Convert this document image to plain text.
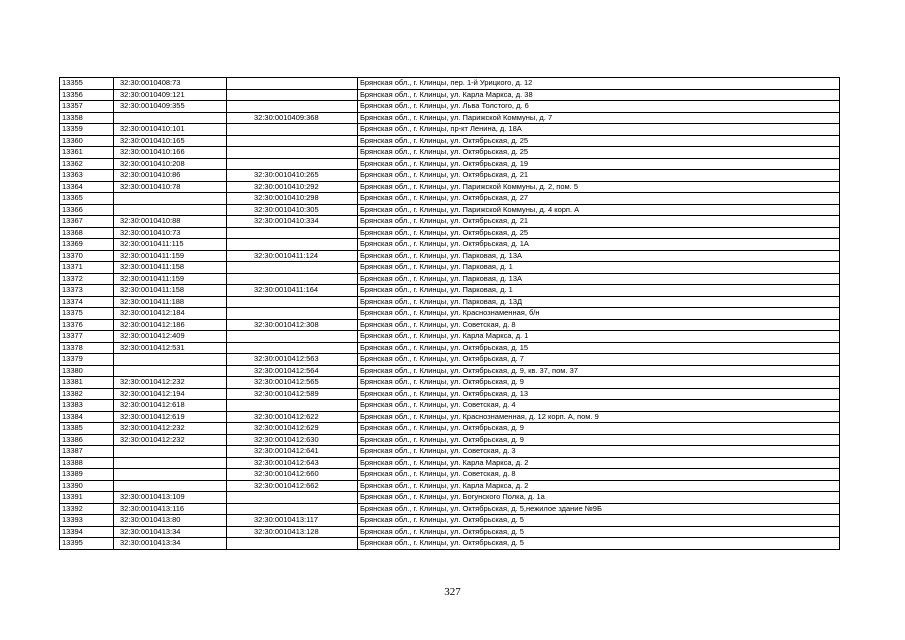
13355	32:30:0010408:73		Брянская обл., г. Клинцы, пер. 1-й Урицкого, д. 12
13356	32:30:0010409:121		Брянская обл., г. Клинцы, ул. Карла Маркса, д. 38
13357	32:30:0010409:355		Брянская обл., г. Клинцы, ул. Льва Толстого, д. 6
13358		32:30:0010409:368	Брянская обл., г. Клинцы, ул. Парижской Коммуны, д. 7
13359	32:30:0010410:101		Брянская обл., г. Клинцы, пр-кт Ленина, д. 18А
13360	32:30:0010410:165		Брянская обл., г. Клинцы, ул. Октябрьская, д. 25
13361	32:30:0010410:166		Брянская обл., г. Клинцы, ул. Октябрьская, д. 25
13362	32:30:0010410:208		Брянская обл., г. Клинцы, ул. Октябрьская, д. 19
13363	32:30:0010410:86	32:30:0010410:265	Брянская обл., г. Клинцы, ул. Октябрьская, д. 21
13364	32:30:0010410:78	32:30:0010410:292	Брянская обл., г. Клинцы, ул. Парижской Коммуны, д. 2, пом. 5
13365		32:30:0010410:298	Брянская обл., г. Клинцы, ул. Октябрьская, д. 27
13366		32:30:0010410:305	Брянская обл., г. Клинцы, ул. Парижской Коммуны, д. 4 корп. А
13367	32:30:0010410:88	32:30:0010410:334	Брянская обл., г. Клинцы, ул. Октябрьская, д. 21
13368	32:30:0010410:73		Брянская обл., г. Клинцы, ул. Октябрьская, д. 25
13369	32:30:0010411:115		Брянская обл., г. Клинцы, ул. Октябрьская, д. 1А
13370	32:30:0010411:159	32:30:0010411:124	Брянская обл., г. Клинцы, ул. Парковая, д. 13А
13371	32:30:0010411:158		Брянская обл., г. Клинцы, ул. Парковая, д. 1
13372	32:30:0010411:159		Брянская обл., г. Клинцы, ул. Парковая, д. 13А
13373	32:30:0010411:158	32:30:0010411:164	Брянская обл., г. Клинцы, ул. Парковая, д. 1
13374	32:30:0010411:188		Брянская обл., г. Клинцы, ул. Парковая, д. 13Д
13375	32:30:0010412:184		Брянская обл., г. Клинцы, ул. Краснознаменная, б/н
13376	32:30:0010412:186	32:30:0010412:308	Брянская обл., г. Клинцы, ул. Советская, д. 8
13377	32:30:0010412:409		Брянская обл., г. Клинцы, ул. Карла Маркса, д. 1
13378	32:30:0010412:531		Брянская обл., г. Клинцы, ул. Октябрьская, д. 15
13379		32:30:0010412:563	Брянская обл., г. Клинцы, ул. Октябрьская, д. 7
13380		32:30:0010412:564	Брянская обл., г. Клинцы, ул. Октябрьская, д. 9, кв. 37, пом. 37
13381	32:30:0010412:232	32:30:0010412:565	Брянская обл., г. Клинцы, ул. Октябрьская, д. 9
13382	32:30:0010412:194	32:30:0010412:589	Брянская обл., г. Клинцы, ул. Октябрьская, д. 13
13383	32:30:0010412:618		Брянская обл., г. Клинцы, ул. Советская, д. 4
13384	32:30:0010412:619	32:30:0010412:622	Брянская обл., г. Клинцы, ул. Краснознаменная, д. 12 корп. А, пом. 9
13385	32:30:0010412:232	32:30:0010412:629	Брянская обл., г. Клинцы, ул. Октябрьская, д. 9
13386	32:30:0010412:232	32:30:0010412:630	Брянская обл., г. Клинцы, ул. Октябрьская, д. 9
13387		32:30:0010412:641	Брянская обл., г. Клинцы, ул. Советская, д. 3
13388		32:30:0010412:643	Брянская обл., г. Клинцы, ул. Карла Маркса, д. 2
13389		32:30:0010412:660	Брянская обл., г. Клинцы, ул. Советская, д. 8
13390		32:30:0010412:662	Брянская обл., г. Клинцы, ул. Карла Маркса, д. 2
13391	32:30:0010413:109		Брянская обл., г. Клинцы, ул. Богунского Полка, д. 1а
13392	32:30:0010413:116		Брянская обл., г. Клинцы, ул. Октябрьская, д. 5,нежилое здание №9Б
13393	32:30:0010413:80	32:30:0010413:117	Брянская обл., г. Клинцы, ул. Октябрьская, д. 5
13394	32:30:0010413:34	32:30:0010413:128	Брянская обл., г. Клинцы, ул. Октябрьская, д. 5
13395	32:30:0010413:34		Брянская обл., г. Клинцы, ул. Октябрьская, д. 5
327
